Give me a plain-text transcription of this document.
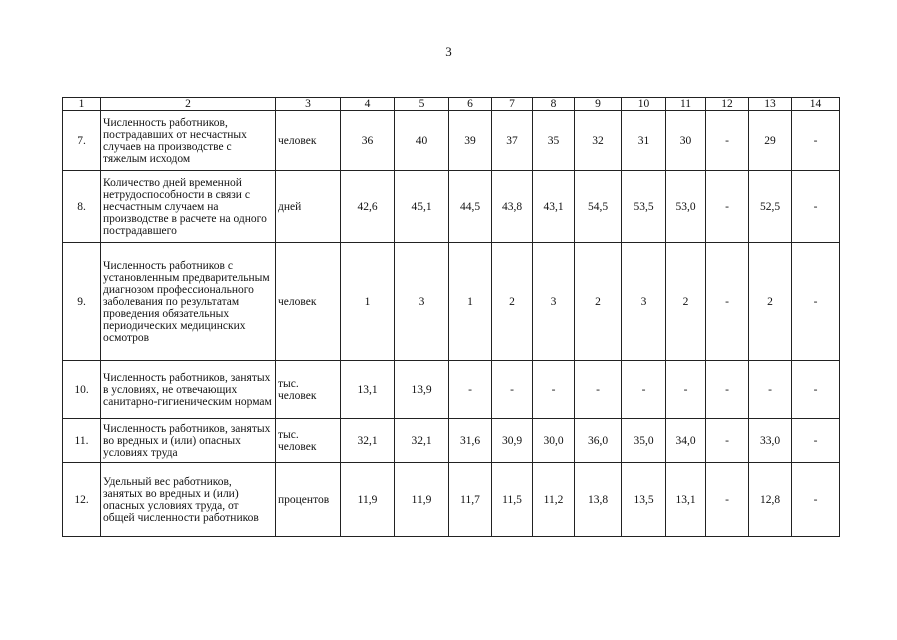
3
1	2	3	4	5	6	7	8	9	10	11	12	13	14
7.	Численность работников, пострадавших от несчастных случаев на производстве с тяжелым исходом	человек	36	40	39	37	35	32	31	30	-	29	-
8.	Количество дней временной нетрудоспособности в связи с несчастным случаем на производстве в расчете на одного пострадавшего	дней	42,6	45,1	44,5	43,8	43,1	54,5	53,5	53,0	-	52,5	-
9.	Численность работников с установленным предварительным диагнозом профессионального заболевания по результатам проведения обязательных периодических медицинских осмотров	человек	1	3	1	2	3	2	3	2	-	2	-
10.	Численность работников, занятых в условиях, не отвечающих санитарно-гигиеническим нормам	тыс. человек	13,1	13,9	-	-	-	-	-	-	-	-	-
11.	Численность работников, занятых во вредных и (или) опасных условиях труда	тыс. человек	32,1	32,1	31,6	30,9	30,0	36,0	35,0	34,0	-	33,0	-
12.	Удельный вес работников, занятых во вредных и (или) опасных условиях труда, от общей численности работников	процентов	11,9	11,9	11,7	11,5	11,2	13,8	13,5	13,1	-	12,8	-
